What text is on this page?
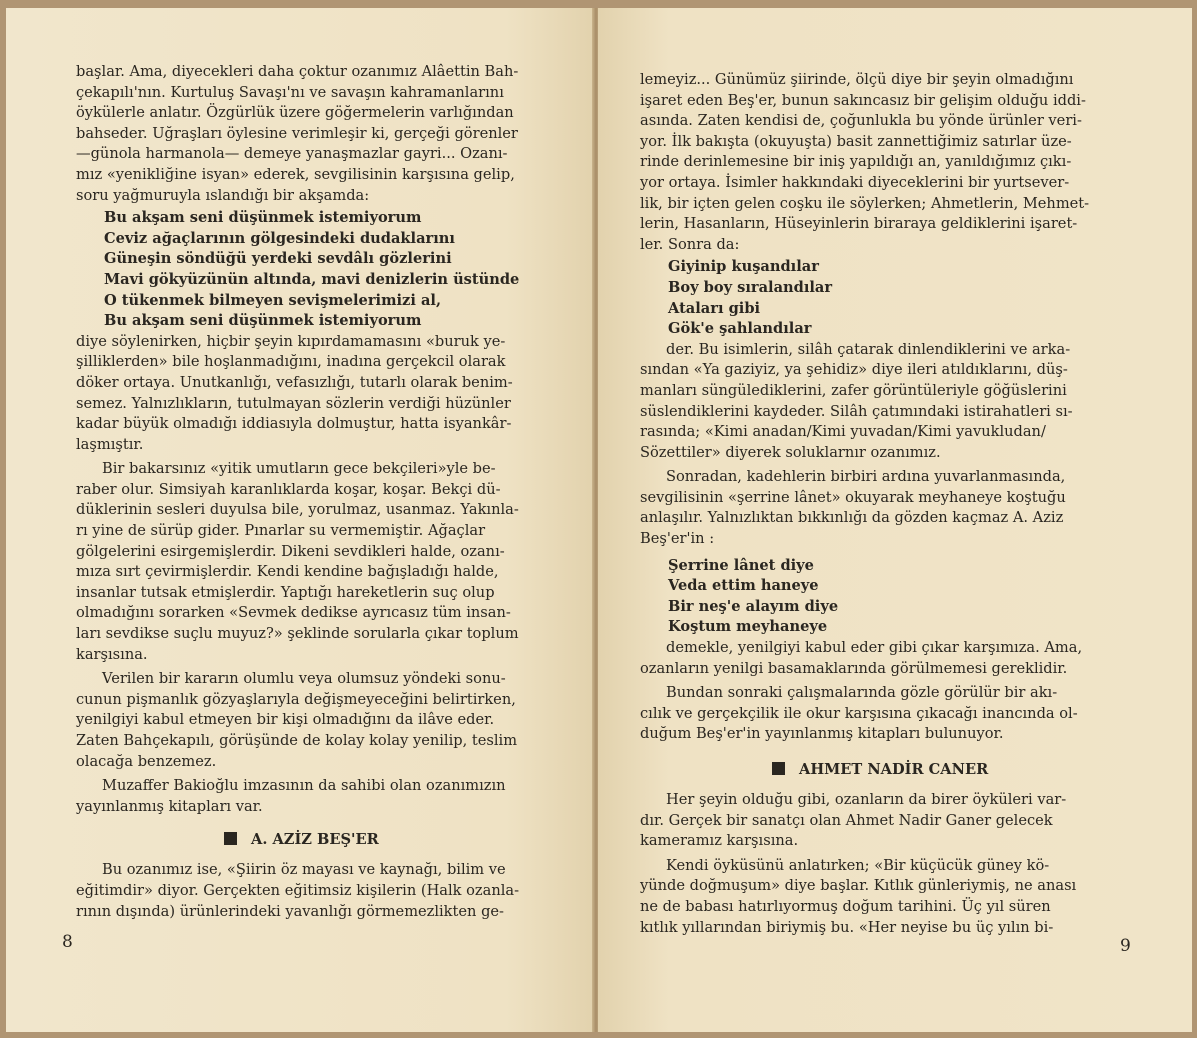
başlar. Ama, diyecekleri daha çoktur ozanımız Alâettin Bah-
çekapılı'nın. Kurtuluş Savaşı'nı ve savaşın kahramanlarını
öykülerle anlatır. Özgürlük üzere göğermelerin varlığından
bahseder. Uğraşları öylesine verimleşir ki, gerçeği görenler
—günola harmanola— demeye yanaşmazlar gayri... Ozanı-
mız «yenikliğine isyan» ederek, sevgilisinin karşısına gelip,
soru yağmuruyla ıslandığı bir akşamda:
Bu akşam seni düşünmek istemiyorum
Ceviz ağaçlarının gölgesindeki dudaklarını
Güneşin söndüğü yerdeki sevdâlı gözlerini
Mavi gökyüzünün altında, mavi denizlerin üstünde
O tükenmek bilmeyen sevişmelerimizi al,
Bu akşam seni düşünmek istemiyorum
diye söylenirken, hiçbir şeyin kıpırdamamasını «buruk ye-
şilliklerden» bile hoşlanmadığını, inadına gerçekcil olarak
döker ortaya. Unutkanlığı, vefasızlığı, tutarlı olarak benim-
semez. Yalnızlıkların, tutulmayan sözlerin verdiği hüzünler
kadar büyük olmadığı iddiasıyla dolmuştur, hatta isyankâr-
laşmıştır.
Bir bakarsınız «yitik umutların gece bekçileri»yle be-
raber olur. Simsiyah karanlıklarda koşar, koşar. Bekçi dü-
düklerinin sesleri duyulsa bile, yorulmaz, usanmaz. Yakınla-
rı yine de sürüp gider. Pınarlar su vermemiştir. Ağaçlar
gölgelerini esirgemişlerdir. Dikeni sevdikleri halde, ozanı-
mıza sırt çevirmişlerdir. Kendi kendine bağışladığı halde,
insanlar tutsak etmişlerdir. Yaptığı hareketlerin suç olup
olmadığını sorarken «Sevmek dedikse ayrıcasız tüm insan-
ları sevdikse suçlu muyuz?» şeklinde sorularla çıkar toplum
karşısına.
Verilen bir kararın olumlu veya olumsuz yöndeki sonu-
cunun pişmanlık gözyaşlarıyla değişmeyeceğini belirtirken,
yenilgiyi kabul etmeyen bir kişi olmadığını da ilâve eder.
Zaten Bahçekapılı, görüşünde de kolay kolay yenilip, teslim
olacağa benzemez.
Muzaffer Bakioğlu imzasının da sahibi olan ozanımızın
yayınlanmış kitapları var.
A. AZİZ BEŞ'ER
Bu ozanımız ise, «Şiirin öz mayası ve kaynağı, bilim ve
eğitimdir» diyor. Gerçekten eğitimsiz kişilerin (Halk ozanla-
rının dışında) ürünlerindeki yavanlığı görmemezlikten ge-
8
lemeyiz... Günümüz şiirinde, ölçü diye bir şeyin olmadığını
işaret eden Beş'er, bunun sakıncasız bir gelişim olduğu iddi-
asında. Zaten kendisi de, çoğunlukla bu yönde ürünler veri-
yor. İlk bakışta (okuyuşta) basit zannettiğimiz satırlar üze-
rinde derinlemesine bir iniş yapıldığı an, yanıldığımız çıkı-
yor ortaya. İsimler hakkındaki diyeceklerini bir yurtsever-
lik, bir içten gelen coşku ile söylerken; Ahmetlerin, Mehmet-
lerin, Hasanların, Hüseyinlerin biraraya geldiklerini işaret-
ler. Sonra da:
Giyinip kuşandılar
Boy boy sıralandılar
Ataları gibi
Gök'e şahlandılar
der. Bu isimlerin, silâh çatarak dinlendiklerini ve arka-
sından «Ya gaziyiz, ya şehidiz» diye ileri atıldıklarını, düş-
manları süngülediklerini, zafer görüntüleriyle göğüslerini
süslendiklerini kaydeder. Silâh çatımındaki istirahatleri sı-
rasında; «Kimi anadan/Kimi yuvadan/Kimi yavukludan/
Sözettiler» diyerek soluklarnır ozanımız.
Sonradan, kadehlerin birbiri ardına yuvarlanmasında,
sevgilisinin «şerrine lânet» okuyarak meyhaneye koştuğu
anlaşılır. Yalnızlıktan bıkkınlığı da gözden kaçmaz A. Aziz
Beş'er'in :
Şerrine lânet diye
Veda ettim haneye
Bir neş'e alayım diye
Koştum meyhaneye
demekle, yenilgiyi kabul eder gibi çıkar karşımıza. Ama,
ozanların yenilgi basamaklarında görülmemesi gereklidir.
Bundan sonraki çalışmalarında gözle görülür bir akı-
cılık ve gerçekçilik ile okur karşısına çıkacağı inancında ol-
duğum Beş'er'in yayınlanmış kitapları bulunuyor.
AHMET NADİR CANER
Her şeyin olduğu gibi, ozanların da birer öyküleri var-
dır. Gerçek bir sanatçı olan Ahmet Nadir Ganer gelecek
kameramız karşısına.
Kendi öyküsünü anlatırken; «Bir küçücük güney kö-
yünde doğmuşum» diye başlar. Kıtlık günleriymiş, ne anası
ne de babası hatırlıyormuş doğum tarihini. Üç yıl süren
kıtlık yıllarından biriymiş bu. «Her neyise bu üç yılın bi-
9
